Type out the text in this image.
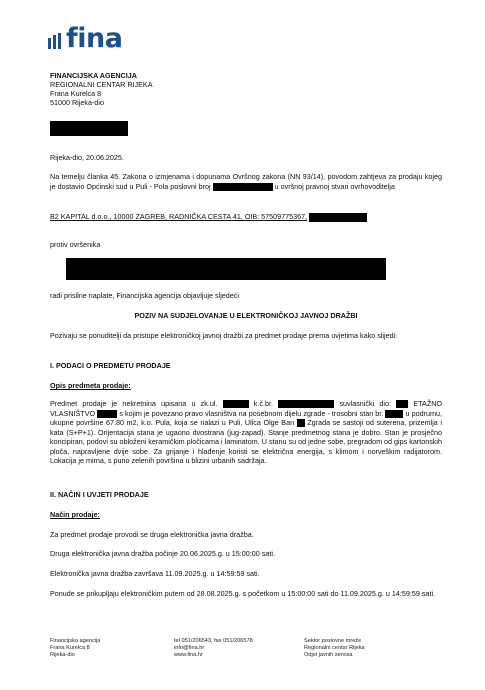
fina
FINANCIJSKA AGENCIJA
REGIONALNI CENTAR RIJEKA
Frana Kurelca 8
51000 Rijeka-dio
Rijeka-dio, 20.06.2025.
Na temelju članka 45. Zakona o izmjenama i dopunama Ovršnog zakona (NN 93/14), povodom zahtjeva za prodaju kojeg je dostavio Općinski sud u Puli - Pola poslovni broj	u ovršnoj pravnoj stvari ovrhovoditelja
B2 KAPITAL d.o.o., 10000 ZAGREB, RADNIČKA CESTA 41, OIB: 57509775367,
protiv ovršenika
radi prisilne naplate, Financijska agencija objavljuje sljedeći
POZIV NA SUDJELOVANJE U ELEKTRONIČKOJ JAVNOJ DRAŽBI
Pozivaju se ponuditelji da pristupe elektroničkoj javnoj dražbi za predmet prodaje prema uvjetima kako slijedi:
I. PODACI O PREDMETU PRODAJE
Opis predmeta prodaje:
Predmet prodaje je nekretnina upisana u zk.ul.	k.č.br.	suvlasnički dio:	ETAŽNO VLASNIŠTVO	s kojim je povezano pravo vlasništva na posebnom dijelu zgrade - trosobni stan br.	u podrumu, ukupne površine 67,80 m2, k.o. Pula, koja se nalazi u Puli, Ulica Olge Ban Zgrada se sastoji od suterena, prizemlja i kata (S+P+1). Orijentacija stana je ugaono dvostrana (jug-zapad). Stanje predmetnog stana je dobro. Stan je prosječno koncipiran, podovi su obloženi keramičkim pločicama i laminatom. U stanu su od jedne sobe, pregradom od gips kartonskih ploča, napravljene dvije sobe. Za grijanje i hlađenje koristi se električna energija, s klimom i norveškim radijatorom. Lokacija je mirna, s puno zelenih površina u blizini urbanih sadržaja.
II. NAČIN I UVJETI PRODAJE
Način prodaje:
Za predmet prodaje provodi se druga elektronička javna dražba.
Druga elektronička javna dražba počinje 20.06.2025.g. u 15:00:00 sati.
Elektronička javna dražba završava 11.09.2025.g. u 14:59:59 sati.
Ponude se prikupljaju elektroničkim putem od 28.08.2025.g. s početkom u 15:00:00 sati do 11.09.2025.g. u 14:59:59 sati.
Financijska agencija
Frana Kurelca 8
Rijeka-dio
tel 051/206543, fax 051/206578
info@fina.hr
www.fina.hr
Sektor poslovne mreže
Regionalni centar Rijeka
Odjel javnih servisa
